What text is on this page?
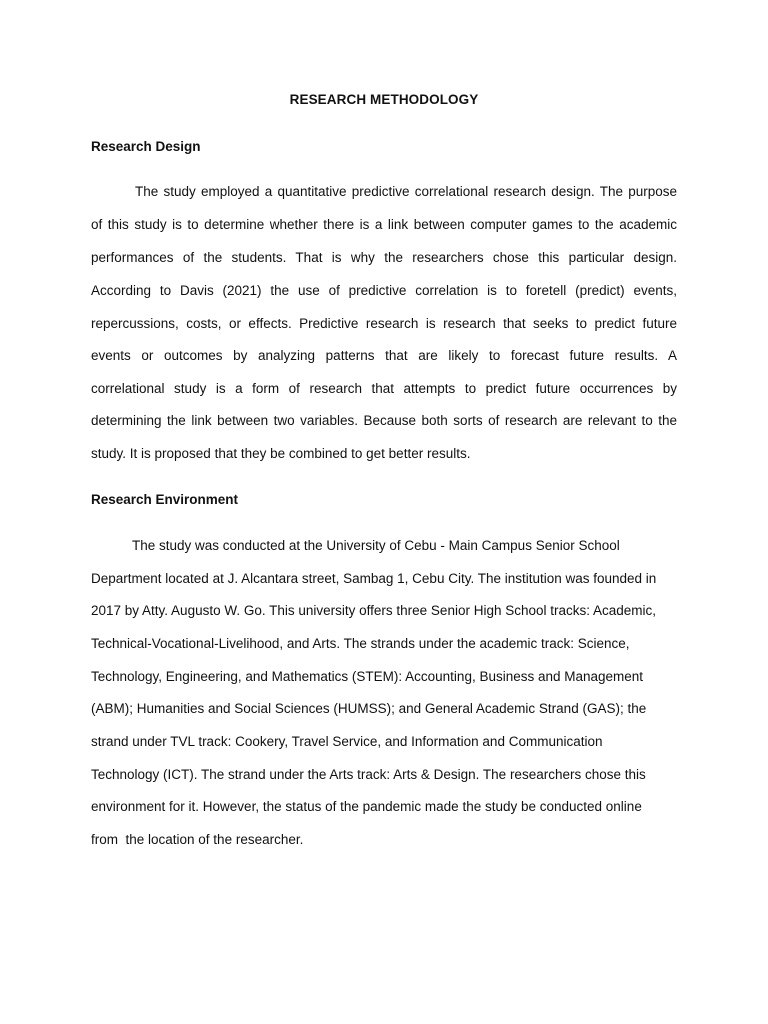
RESEARCH METHODOLOGY
Research Design
The study employed a quantitative predictive correlational research design. The purpose
of this study is to determine whether there is a link between computer games to the academic
performances of the students. That is why the researchers chose this particular design.
According to Davis (2021) the use of predictive correlation is to foretell (predict) events,
repercussions, costs, or effects. Predictive research is research that seeks to predict future
events or outcomes by analyzing patterns that are likely to forecast future results. A
correlational study is a form of research that attempts to predict future occurrences by
determining the link between two variables. Because both sorts of research are relevant to the
study. It is proposed that they be combined to get better results.
Research Environment
The study was conducted at the University of Cebu - Main Campus Senior School
Department located at J. Alcantara street, Sambag 1, Cebu City. The institution was founded in
2017 by Atty. Augusto W. Go. This university offers three Senior High School tracks: Academic,
Technical-Vocational-Livelihood, and Arts. The strands under the academic track: Science,
Technology, Engineering, and Mathematics (STEM): Accounting, Business and Management
(ABM); Humanities and Social Sciences (HUMSS); and General Academic Strand (GAS); the
strand under TVL track: Cookery, Travel Service, and Information and Communication
Technology (ICT). The strand under the Arts track: Arts & Design. The researchers chose this
environment for it. However, the status of the pandemic made the study be conducted online
from  the location of the researcher.
